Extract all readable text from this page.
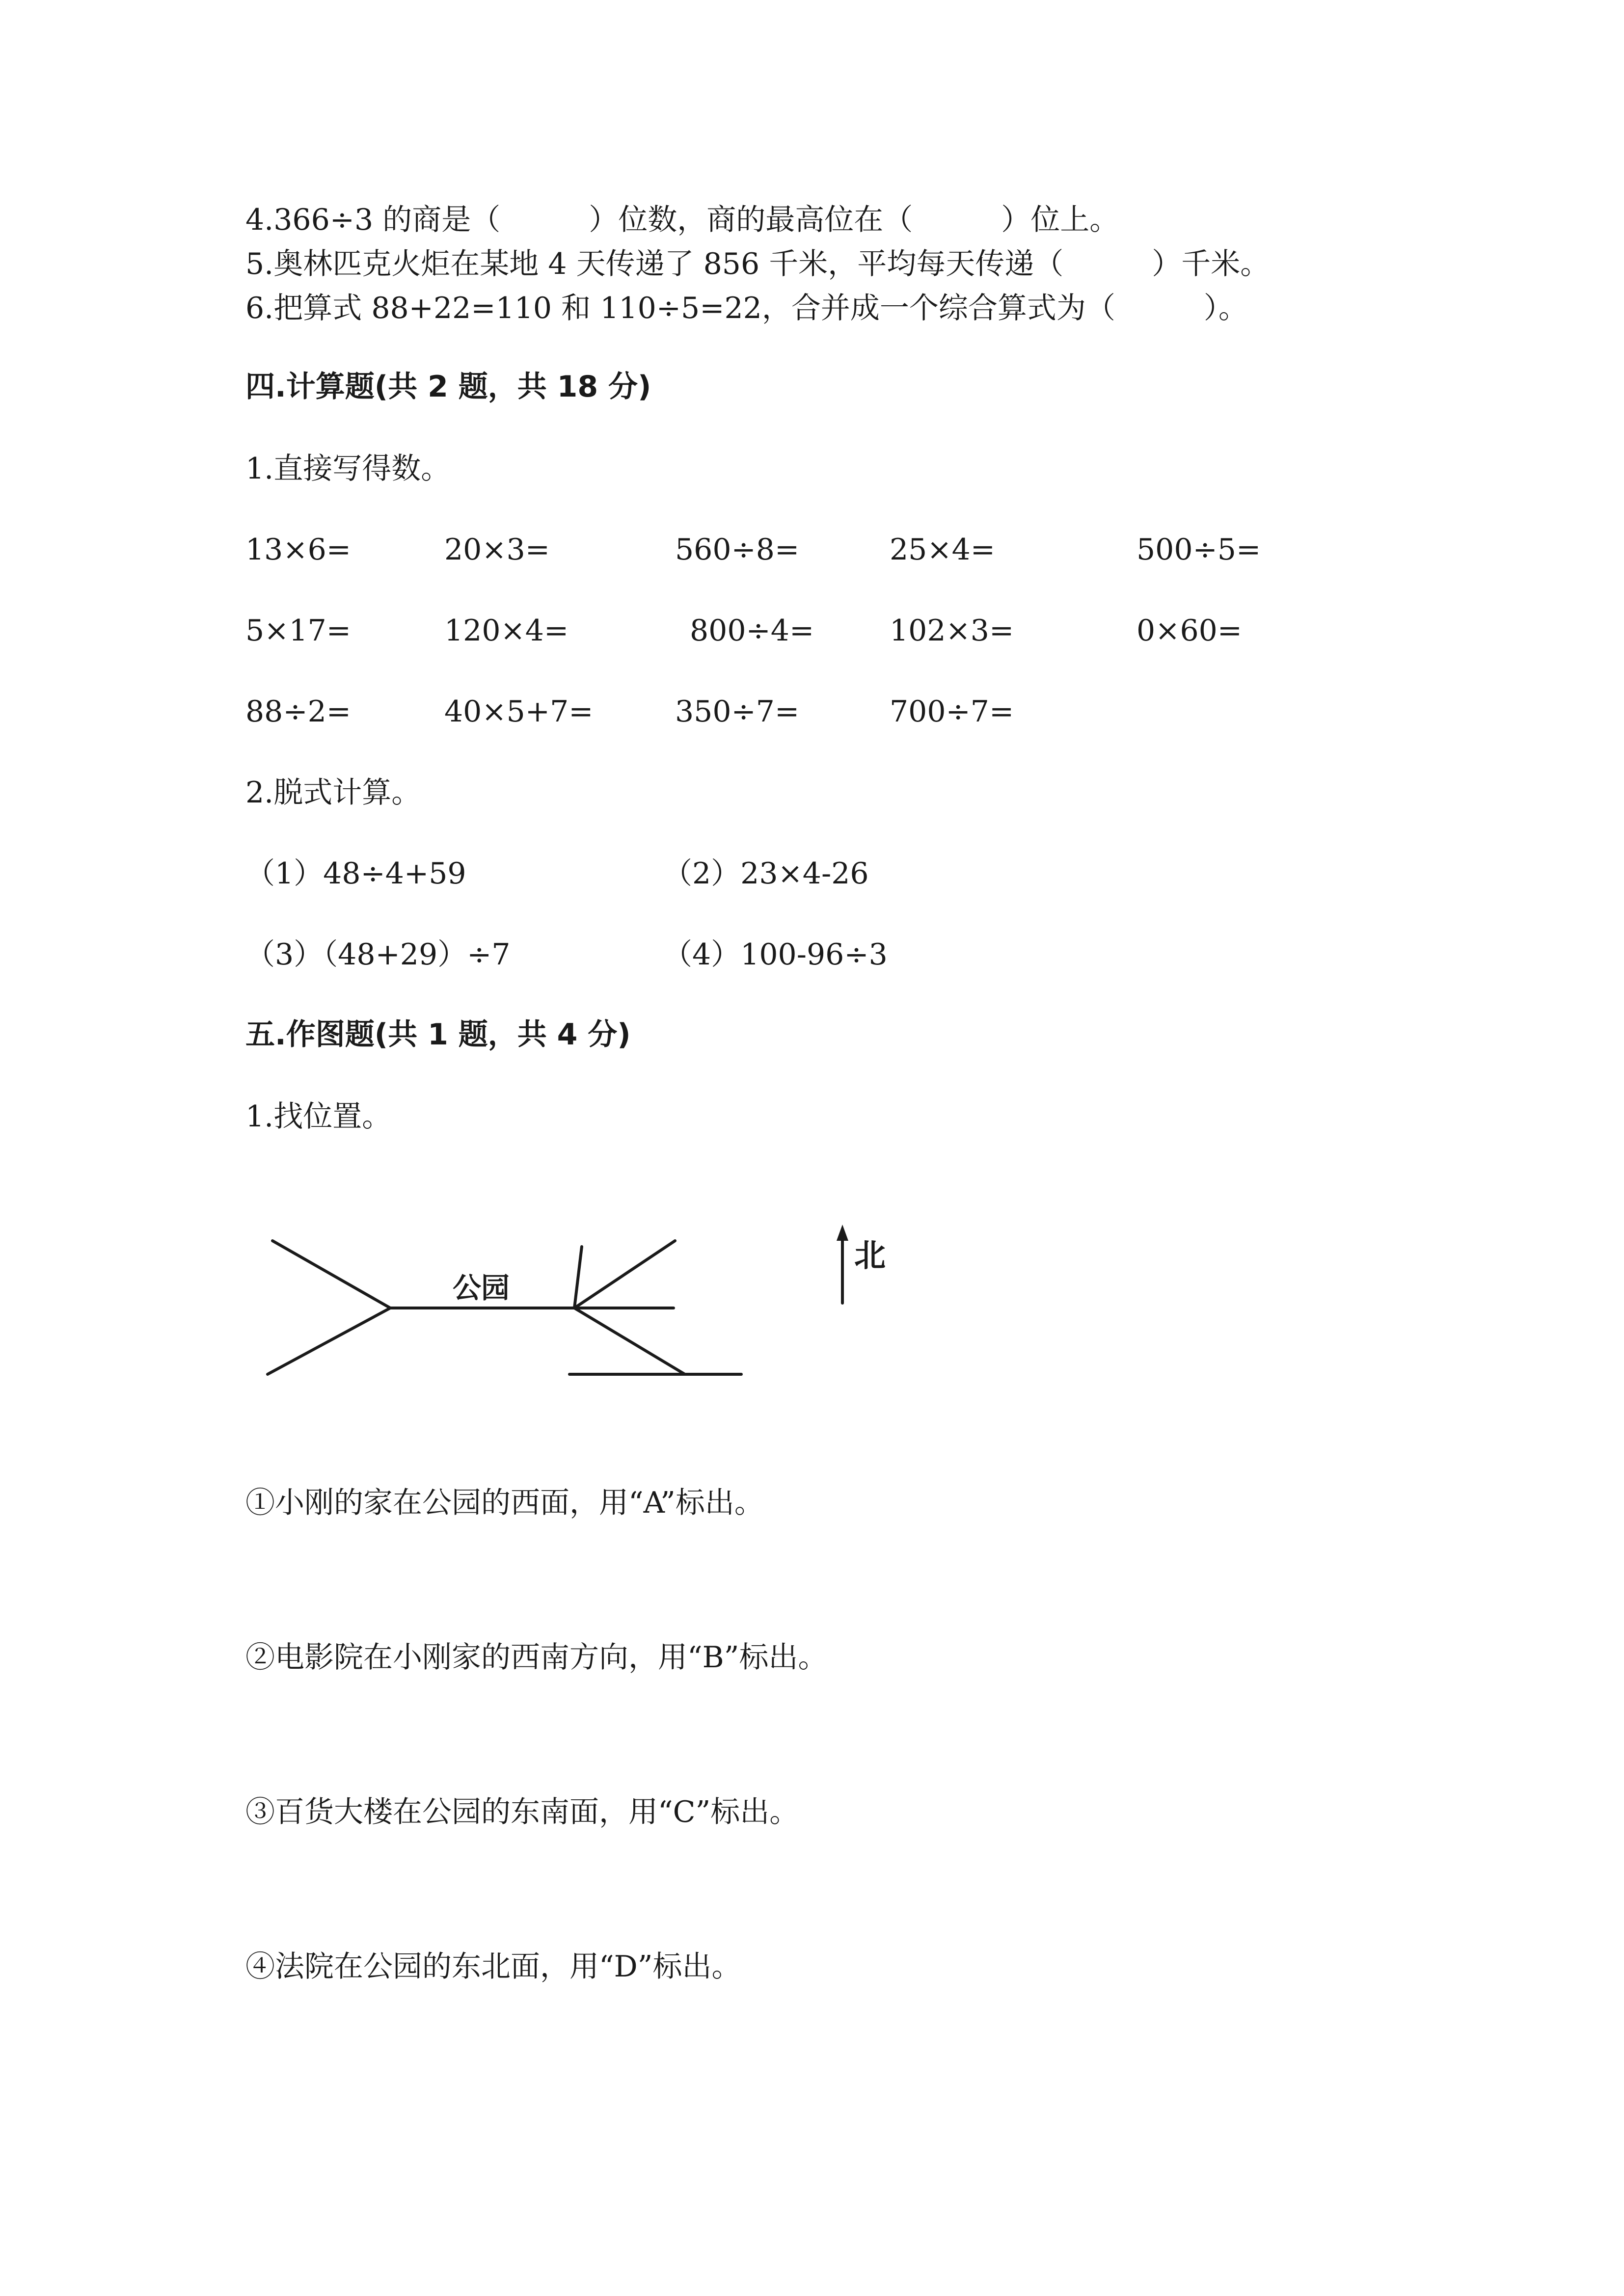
4.366÷3 的商是（　　　）位数，商的最高位在（　　　）位上。
5.奥林匹克火炬在某地 4 天传递了 856 千米，平均每天传递（　　　）千米。
6.把算式 88+22=110 和 110÷5=22，合并成一个综合算式为（　　　）。
四.计算题(共 2 题，共 18 分)
1.直接写得数。
13×6=	20×3=	560÷8=	25×4=	500÷5=
5×17=	120×4=	800÷4=	102×3=	0×60=
88÷2=	40×5+7=	350÷7=	700÷7=
2.脱式计算。
（1）48÷4+59	（2）23×4-26
（3）（48+29）÷7	（4）100-96÷3
五.作图题(共 1 题，共 4 分)
1.找位置。
公园
北
①小刚的家在公园的西面，用“A”标出。
②电影院在小刚家的西南方向，用“B”标出。
③百货大楼在公园的东南面，用“C”标出。
④法院在公园的东北面，用“D”标出。
